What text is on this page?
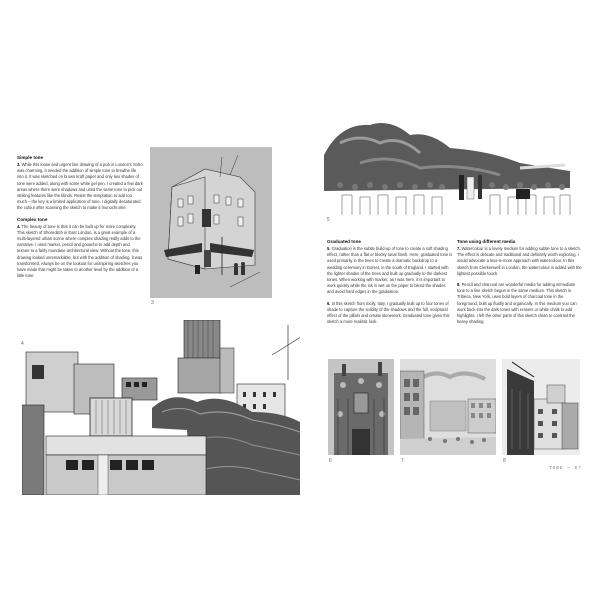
Simple tone

3. While this loose and urgent line drawing of a pub in London's Soho was charming, it needed the addition of simple tone to breathe life into it. It was sketched on brown kraft paper and only two shades of tone were added, along with some white gel pen. I created a few dark areas where there were shadows and used the same tone to pick out striking features like the blinds. Resist the temptation to add too much – the key is a limited application of tone. I digitally desaturated the colour after scanning the sketch to make it monochrome.

Complex tone

4. The beauty of tone is that it can be built up for more complexity. This sketch of Shoreditch in East London, is a great example of a multi-layered urban scene where complex shading really adds to the narrative. I used marker, pencil and gouache to add depth and texture to a fairly mundane architectural view. Without the tone, this drawing looked unremarkable, but with the addition of shading, it was transformed. Always be on the lookout for uninspiring sketches you have made that might be taken to another level by the addition of a little tone.

3
4
5
Graduated tone

5. Graduation is the subtle build-up of tone to create a soft shading effect, rather than a flat or blocky tonal finish. Here, graduated tone is used primarily in the trees to create a dramatic backdrop to a wedding ceremony in Dorset, in the south of England. I started with the lighter shades of the trees and built up gradually to the darkest tones. When working with marker, as I was here, it is important to work quickly while the ink is wet on the paper to blend the shades and avoid hard edges in the graduation.

6. In this sketch from Sicily, Italy, I gradually built up to four tones of shade to capture the solidity of the shadows and the full, sculptural effect of the pillars and ornate stonework. Graduated tone gives this sketch a more realistic look.

Tone using different media

7. Watercolour is a lovely medium for adding subtle tone to a sketch. The effect is delicate and traditional and definitely worth exploring. I would advocate a less-is-more approach with watercolour. In this sketch from Clerkenwell in London, the watercolour is added with the lightest possible touch.

8. Pencil and charcoal are wonderful media for adding immediate tone to a line sketch begun in the same medium. This sketch in Tribeca, New York, uses bold layers of charcoal tone in the foreground, built up fluidly and organically. In this medium you can work back into the dark tones with erasers or white chalk to add highlights. I left the other parts of this sketch clean to contrast the heavy shading.

6	7	8
TONE — 67
